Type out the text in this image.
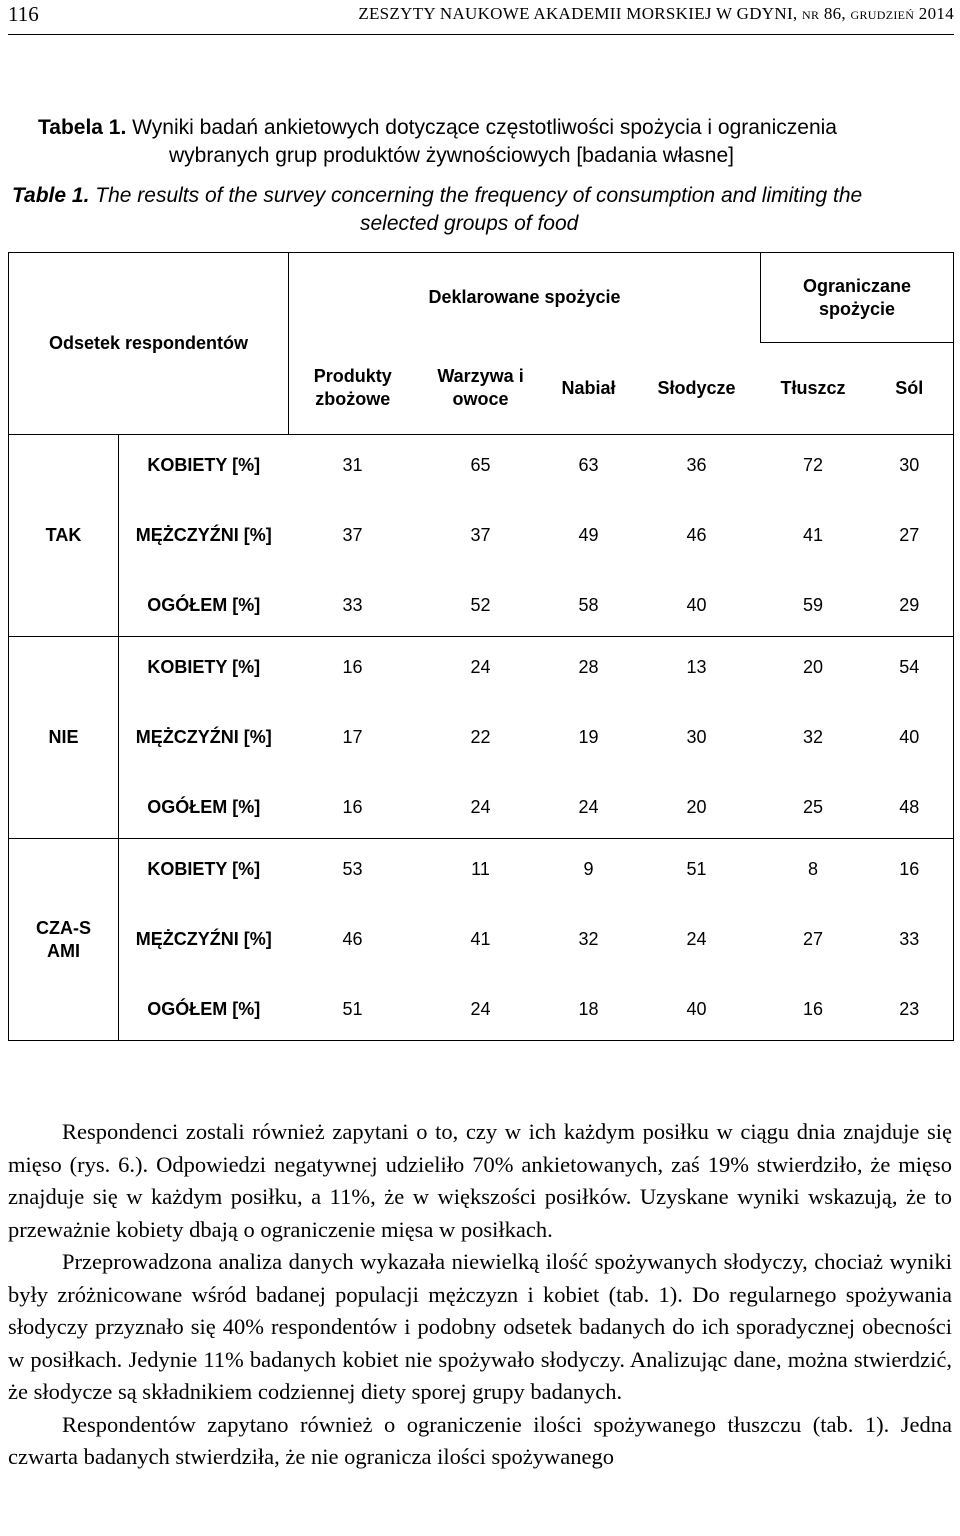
116	ZESZYTY NAUKOWE AKADEMII MORSKIEJ W GDYNI, nr 86, grudzień 2014
Tabela 1. Wyniki badań ankietowych dotyczące częstotliwości spożycia i ograniczenia
wybranych grup produktów żywnościowych [badania własne]
Table 1. The results of the survey concerning the frequency of consumption and limiting the
selected groups of food
Odsetek respondentów		Deklarowane spożycie				Ograniczane spożycie	
		Produkty zbożowe	Warzywa i owoce	Nabiał	Słodycze	Tłuszcz	Sól
TAK	KOBIETY [%]	31	65	63	36	72	30
	MĘŻCZYŹNI [%]	37	37	49	46	41	27
	OGÓŁEM [%]	33	52	58	40	59	29
NIE	KOBIETY [%]	16	24	28	13	20	54
	MĘŻCZYŹNI [%]	17	22	19	30	32	40
	OGÓŁEM [%]	16	24	24	20	25	48
CZA-SAMI	KOBIETY [%]	53	11	9	51	8	16
	MĘŻCZYŹNI [%]	46	41	32	24	27	33
	OGÓŁEM [%]	51	24	18	40	16	23

Respondenci zostali również zapytani o to, czy w ich każdym posiłku w ciągu dnia znajduje się mięso (rys. 6.). Odpowiedzi negatywnej udzieliło 70% ankietowanych, zaś 19% stwierdziło, że mięso znajduje się w każdym posiłku, a 11%, że w większości posiłków. Uzyskane wyniki wskazują, że to przeważnie kobiety dbają o ograniczenie mięsa w posiłkach.

Przeprowadzona analiza danych wykazała niewielką ilość spożywanych słodyczy, chociaż wyniki były zróżnicowane wśród badanej populacji mężczyzn i kobiet (tab. 1). Do regularnego spożywania słodyczy przyznało się 40% respondentów i podobny odsetek badanych do ich sporadycznej obecności w posiłkach. Jedynie 11% badanych kobiet nie spożywało słodyczy. Analizując dane, można stwierdzić, że słodycze są składnikiem codziennej diety sporej grupy badanych.

Respondentów zapytano również o ograniczenie ilości spożywanego tłuszczu (tab. 1). Jedna czwarta badanych stwierdziła, że nie ogranicza ilości spożywanego
